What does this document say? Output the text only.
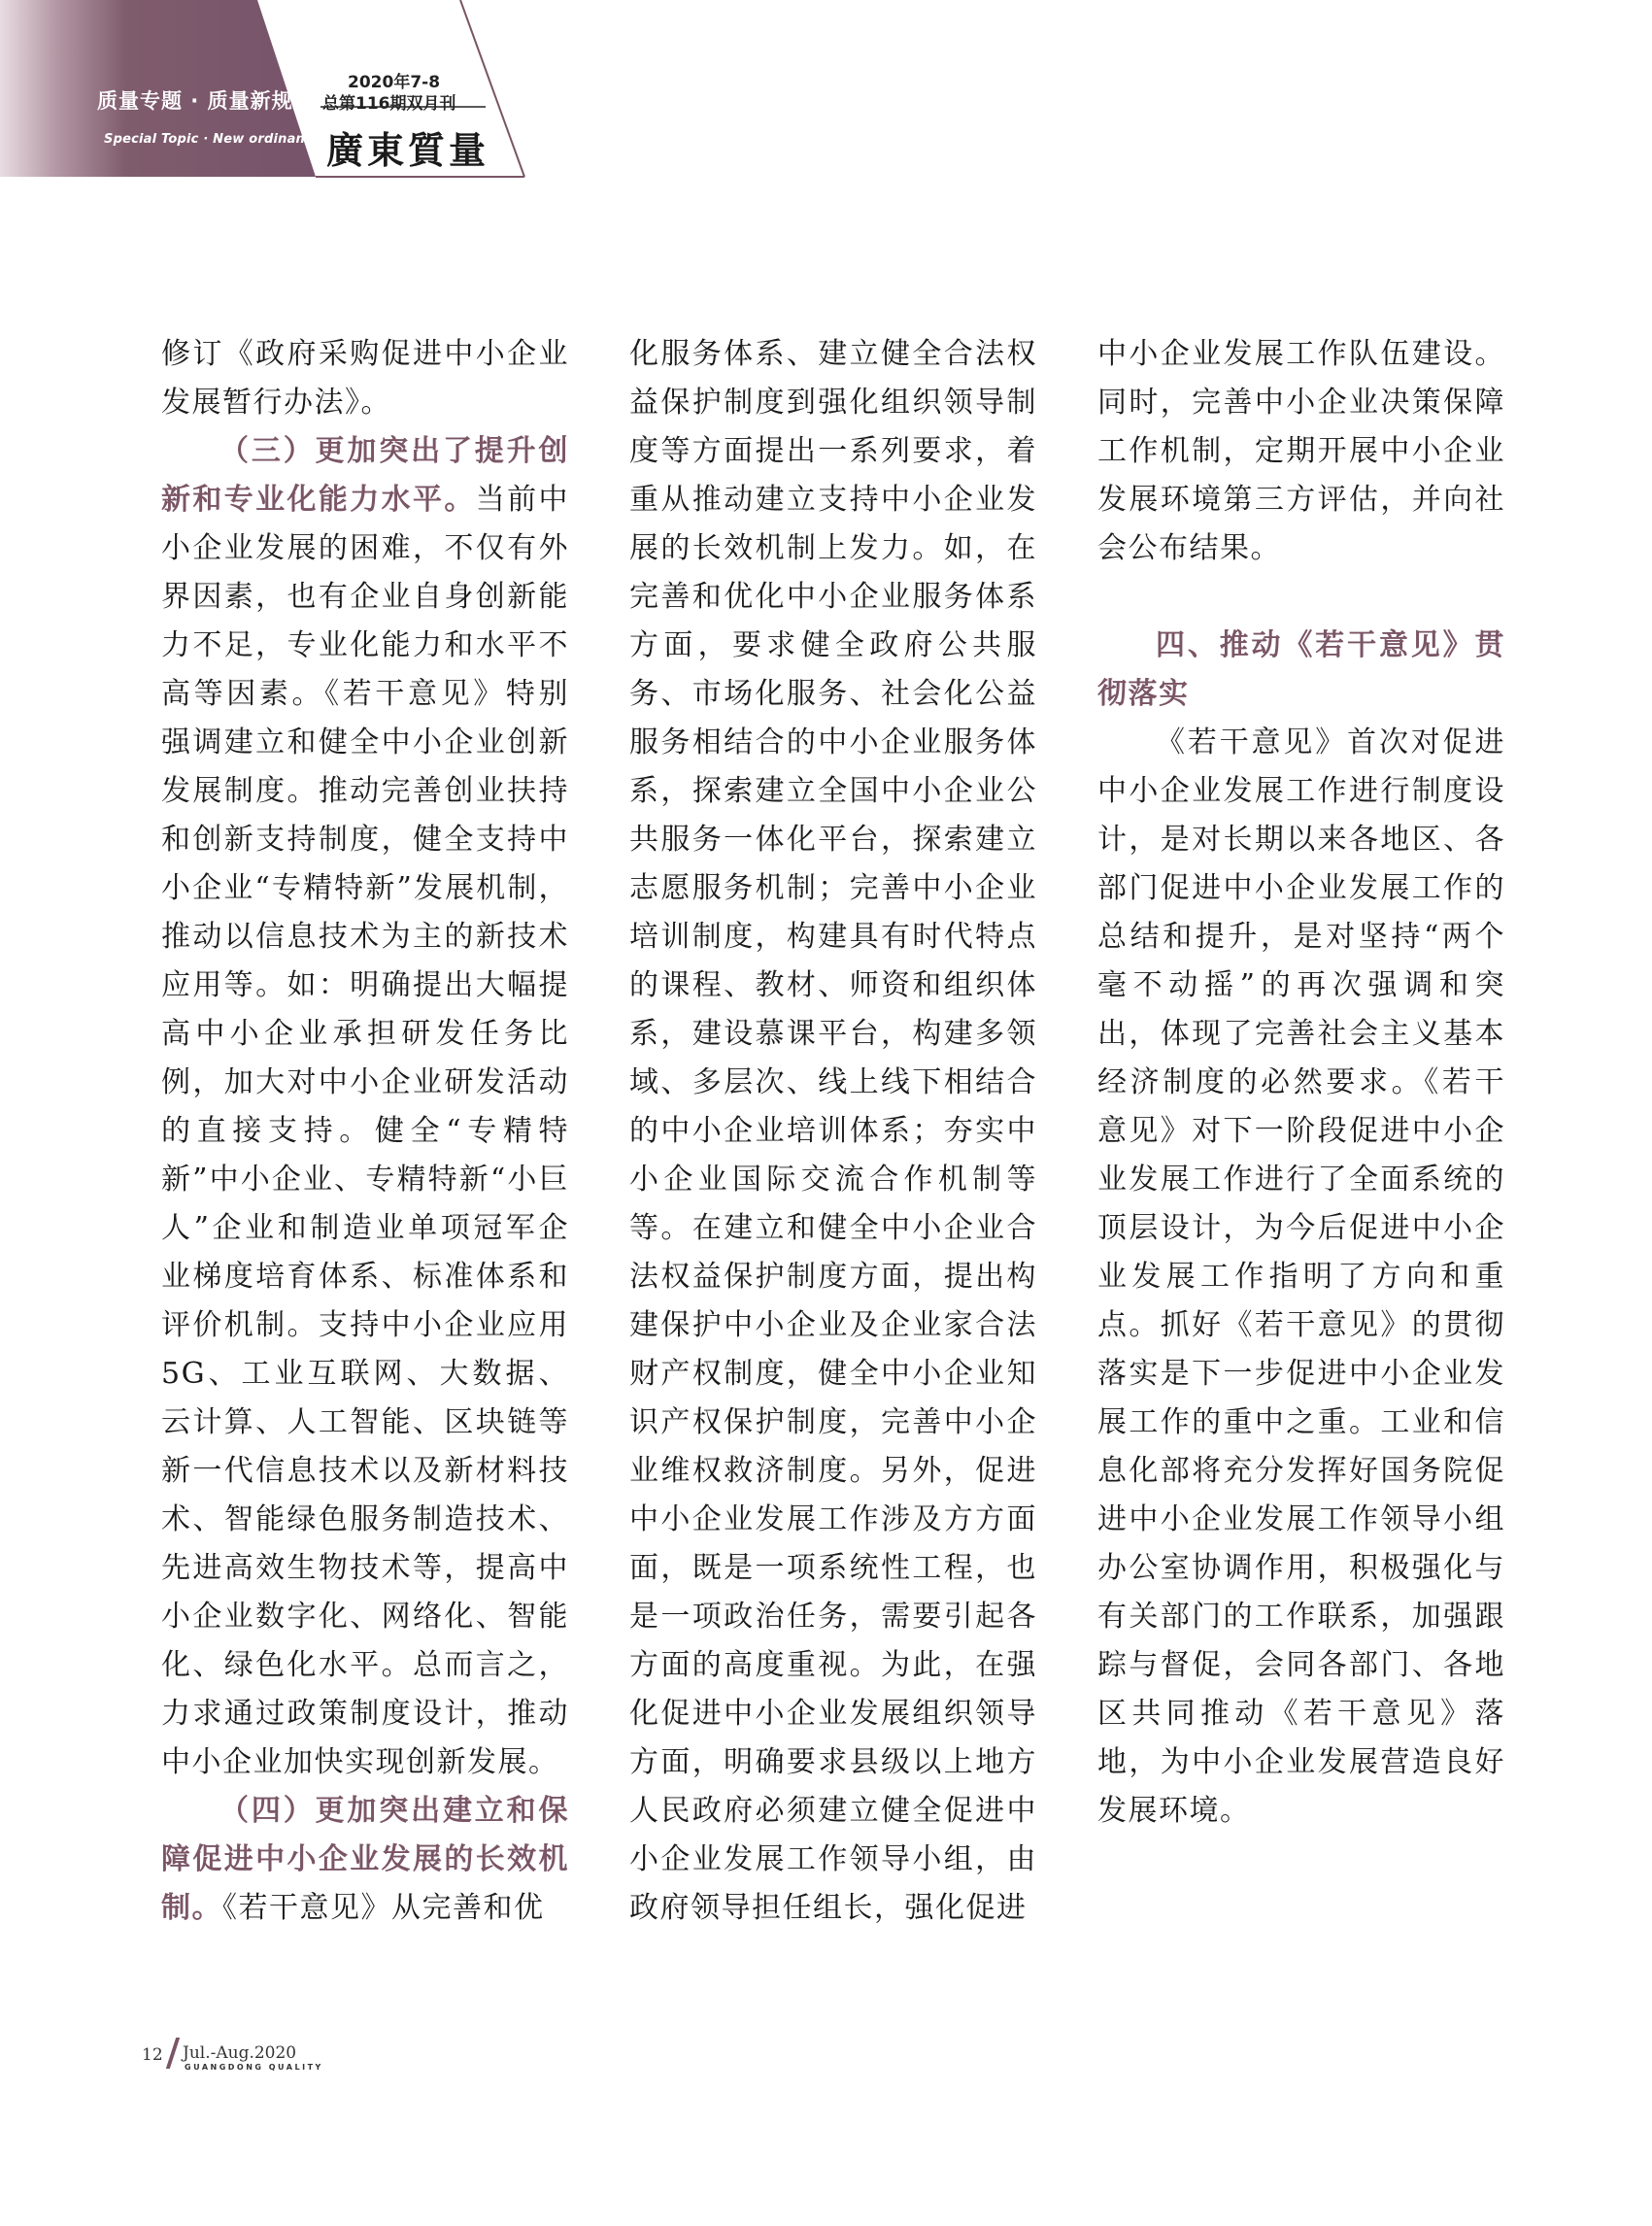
质量专题 · 质量新规
Special Topic · New ordinances
2020年7-8
总第116期双月刊
廣東質量

修订《政府采购促进中小企业发展暂行办法》。

（三）更加突出了提升创新和专业化能力水平。当前中小企业发展的困难，不仅有外界因素，也有企业自身创新能力不足，专业化能力和水平不高等因素。《若干意见》特别强调建立和健全中小企业创新发展制度。推动完善创业扶持和创新支持制度，健全支持中小企业“专精特新”发展机制，推动以信息技术为主的新技术应用等。如：明确提出大幅提高中小企业承担研发任务比例，加大对中小企业研发活动的直接支持。健全“专精特新”中小企业、专精特新“小巨人”企业和制造业单项冠军企业梯度培育体系、标准体系和评价机制。支持中小企业应用5G、工业互联网、大数据、云计算、人工智能、区块链等新一代信息技术以及新材料技术、智能绿色服务制造技术、先进高效生物技术等，提高中小企业数字化、网络化、智能化、绿色化水平。总而言之，力求通过政策制度设计，推动中小企业加快实现创新发展。

（四）更加突出建立和保障促进中小企业发展的长效机制。《若干意见》从完善和优

化服务体系、建立健全合法权益保护制度到强化组织领导制度等方面提出一系列要求，着重从推动建立支持中小企业发展的长效机制上发力。如，在完善和优化中小企业服务体系方面，要求健全政府公共服务、市场化服务、社会化公益服务相结合的中小企业服务体系，探索建立全国中小企业公共服务一体化平台，探索建立志愿服务机制；完善中小企业培训制度，构建具有时代特点的课程、教材、师资和组织体系，建设慕课平台，构建多领域、多层次、线上线下相结合的中小企业培训体系；夯实中小企业国际交流合作机制等等。在建立和健全中小企业合法权益保护制度方面，提出构建保护中小企业及企业家合法财产权制度，健全中小企业知识产权保护制度，完善中小企业维权救济制度。另外，促进中小企业发展工作涉及方方面面，既是一项系统性工程，也是一项政治任务，需要引起各方面的高度重视。为此，在强化促进中小企业发展组织领导方面，明确要求县级以上地方人民政府必须建立健全促进中小企业发展工作领导小组，由政府领导担任组长，强化促进

中小企业发展工作队伍建设。同时，完善中小企业决策保障工作机制，定期开展中小企业发展环境第三方评估，并向社会公布结果。

四、推动《若干意见》贯彻落实

《若干意见》首次对促进中小企业发展工作进行制度设计，是对长期以来各地区、各部门促进中小企业发展工作的总结和提升，是对坚持“两个毫不动摇”的再次强调和突出，体现了完善社会主义基本经济制度的必然要求。《若干意见》对下一阶段促进中小企业发展工作进行了全面系统的顶层设计，为今后促进中小企业发展工作指明了方向和重点。抓好《若干意见》的贯彻落实是下一步促进中小企业发展工作的重中之重。工业和信息化部将充分发挥好国务院促进中小企业发展工作领导小组办公室协调作用，积极强化与有关部门的工作联系，加强跟踪与督促，会同各部门、各地区共同推动《若干意见》落地，为中小企业发展营造良好发展环境。

12 Jul.-Aug.2020
GUANGDONG QUALITY
